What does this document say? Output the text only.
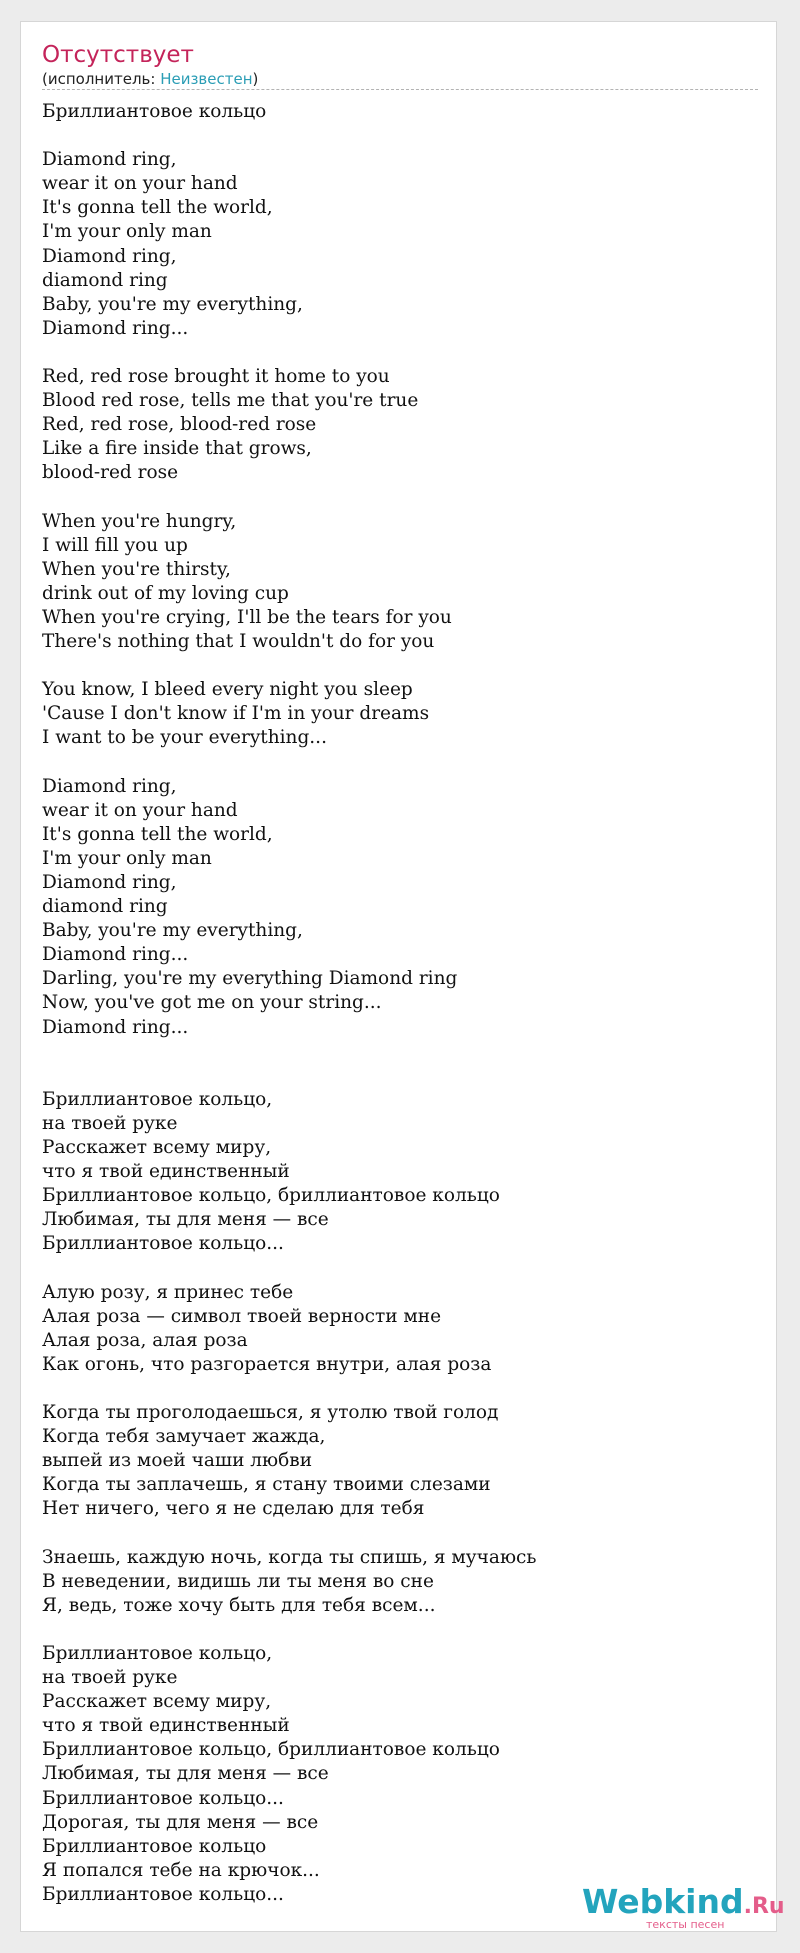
Отсутствует
(исполнитель: Неизвестен)
Бриллиантовое кольцо
Diamond ring,
wear it on your hand
It's gonna tell the world,
I'm your only man
Diamond ring,
diamond ring
Baby, you're my everything,
Diamond ring...
Red, red rose brought it home to you
Blood red rose, tells me that you're true
Red, red rose, blood-red rose
Like a fire inside that grows,
blood-red rose
When you're hungry,
I will fill you up
When you're thirsty,
drink out of my loving cup
When you're crying, I'll be the tears for you
There's nothing that I wouldn't do for you
You know, I bleed every night you sleep
'Cause I don't know if I'm in your dreams
I want to be your everything...
Diamond ring,
wear it on your hand
It's gonna tell the world,
I'm your only man
Diamond ring,
diamond ring
Baby, you're my everything,
Diamond ring...
Darling, you're my everything Diamond ring
Now, you've got me on your string...
Diamond ring...
Бриллиантовое кольцо,
на твоей руке
Расскажет всему миру,
что я твой единственный
Бриллиантовое кольцо, бриллиантовое кольцо
Любимая, ты для меня — все
Бриллиантовое кольцо...
Алую розу, я принес тебе
Алая роза — символ твоей верности мне
Алая роза, алая роза
Как огонь, что разгорается внутри, алая роза
Когда ты проголодаешься, я утолю твой голод
Когда тебя замучает жажда,
выпей из моей чаши любви
Когда ты заплачешь, я стану твоими слезами
Нет ничего, чего я не сделаю для тебя
Знаешь, каждую ночь, когда ты спишь, я мучаюсь
В неведении, видишь ли ты меня во сне
Я, ведь, тоже хочу быть для тебя всем...
Бриллиантовое кольцо,
на твоей руке
Расскажет всему миру,
что я твой единственный
Бриллиантовое кольцо, бриллиантовое кольцо
Любимая, ты для меня — все
Бриллиантовое кольцо...
Дорогая, ты для меня — все
Бриллиантовое кольцо
Я попался тебе на крючок...
Бриллиантовое кольцо...	Webkind.Ru
тексты песен
